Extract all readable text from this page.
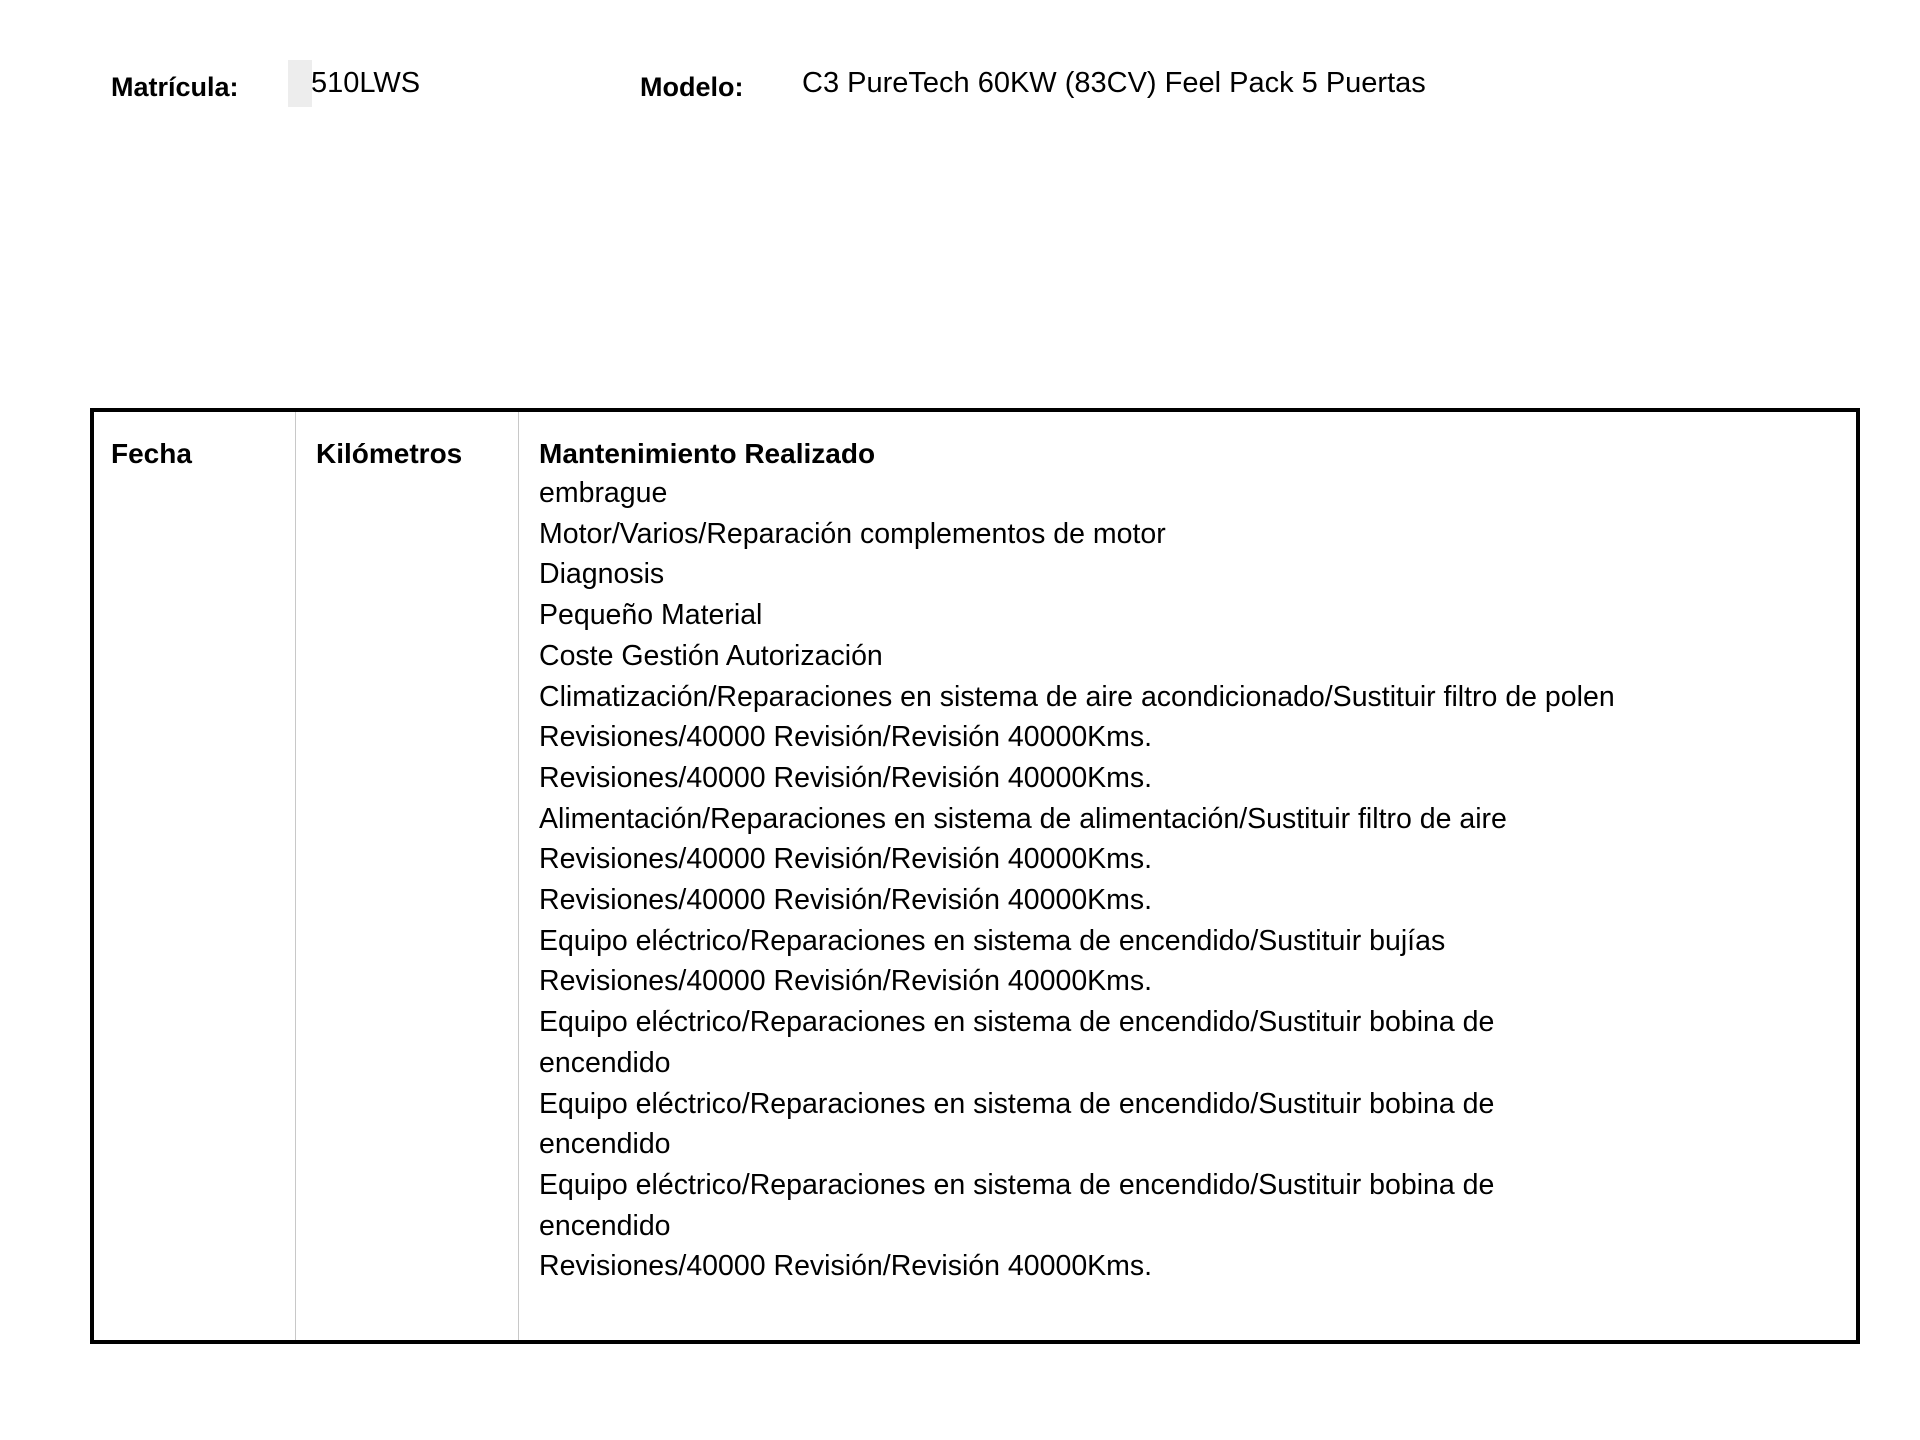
Matrícula: 510LWS	Modelo: C3 PureTech 60KW (83CV) Feel Pack 5 Puertas
Fecha	Kilómetros	Mantenimiento Realizado
embrague
Motor/Varios/Reparación complementos de motor
Diagnosis
Pequeño Material
Coste Gestión Autorización
Climatización/Reparaciones en sistema de aire acondicionado/Sustituir filtro de polen
Revisiones/40000 Revisión/Revisión 40000Kms.
Revisiones/40000 Revisión/Revisión 40000Kms.
Alimentación/Reparaciones en sistema de alimentación/Sustituir filtro de aire
Revisiones/40000 Revisión/Revisión 40000Kms.
Revisiones/40000 Revisión/Revisión 40000Kms.
Equipo eléctrico/Reparaciones en sistema de encendido/Sustituir bujías
Revisiones/40000 Revisión/Revisión 40000Kms.
Equipo eléctrico/Reparaciones en sistema de encendido/Sustituir bobina de encendido
Equipo eléctrico/Reparaciones en sistema de encendido/Sustituir bobina de encendido
Equipo eléctrico/Reparaciones en sistema de encendido/Sustituir bobina de encendido
Revisiones/40000 Revisión/Revisión 40000Kms.
